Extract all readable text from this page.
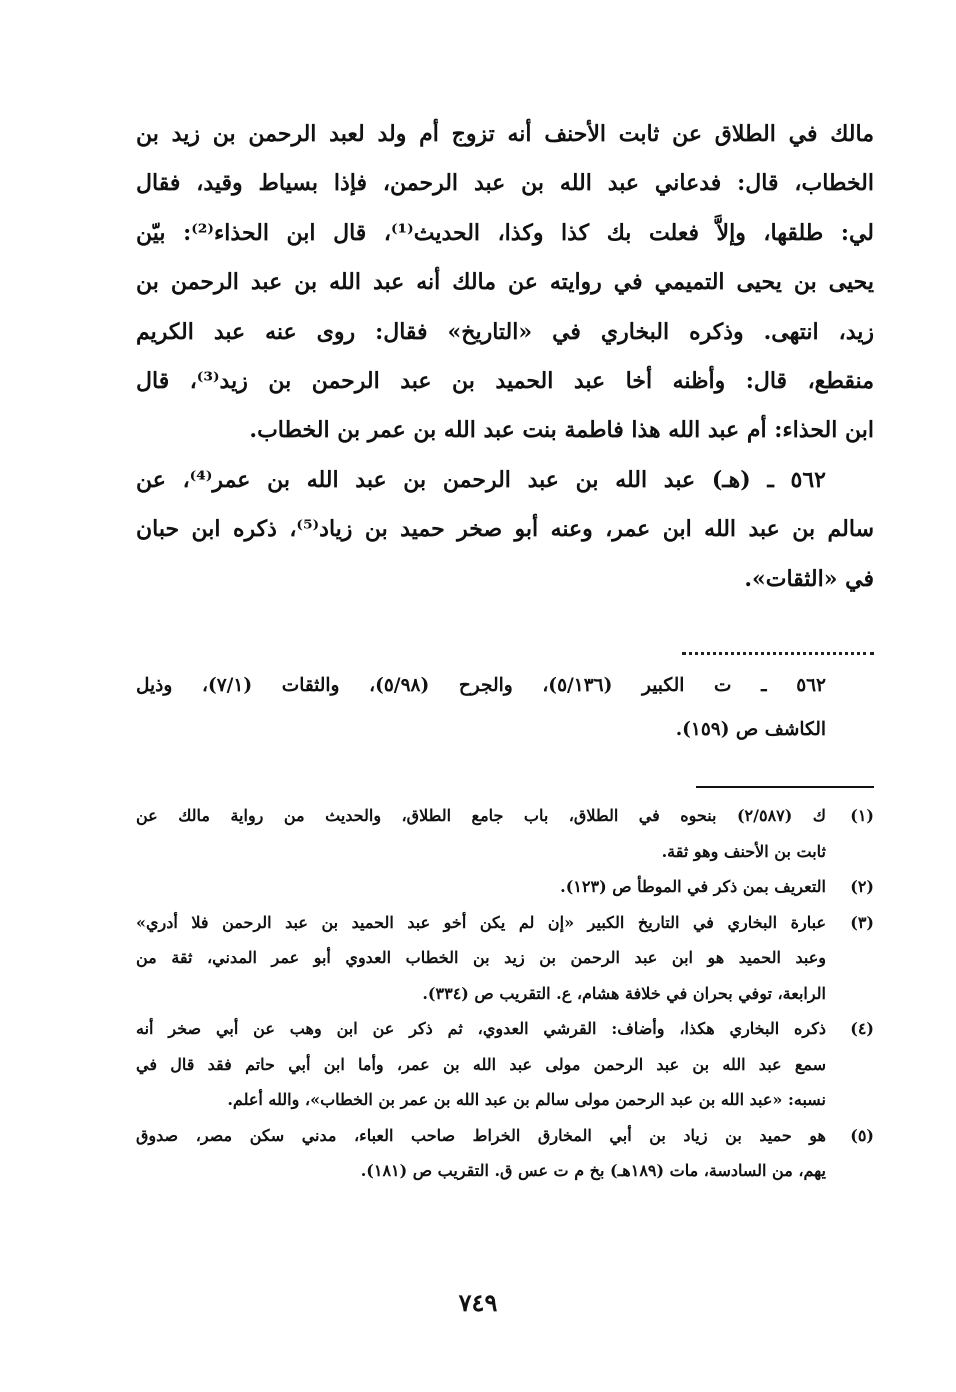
مالك في الطلاق عن ثابت الأحنف أنه تزوج أم ولد لعبد الرحمن بن زيد بن
الخطاب، قال: فدعاني عبد الله بن عبد الرحمن، فإذا بسياط وقيد، فقال
لي: طلقها، وإلاَّ فعلت بك كذا وكذا، الحديث⁽¹⁾، قال ابن الحذاء⁽²⁾: بيّن
يحيى بن يحيى التميمي في روايته عن مالك أنه عبد الله بن عبد الرحمن بن
زيد، انتهى. وذكره البخاري في «التاريخ» فقال: روى عنه عبد الكريم
منقطع، قال: وأظنه أخا عبد الحميد بن عبد الرحمن بن زيد⁽³⁾، قال
ابن الحذاء: أم عبد الله هذا فاطمة بنت عبد الله بن عمر بن الخطاب.
٥٦٢ ـ (هـ) عبد الله بن عبد الرحمن بن عبد الله بن عمر⁽⁴⁾، عن
سالم بن عبد الله ابن عمر، وعنه أبو صخر حميد بن زياد⁽⁵⁾، ذكره ابن حبان
في «الثقات».
٥٦٢ ـ ت الكبير (٥/١٣٦)، والجرح (٥/٩٨)، والثقات (٧/١)، وذيل
الكاشف ص (١٥٩).
(١)
ك (٢/٥٨٧) بنحوه في الطلاق، باب جامع الطلاق، والحديث من رواية مالك عن
ثابت بن الأحنف وهو ثقة.
(٢)
التعريف بمن ذكر في الموطأ ص (١٢٣).
(٣)
عبارة البخاري في التاريخ الكبير «إن لم يكن أخو عبد الحميد بن عبد الرحمن فلا أدري»
وعبد الحميد هو ابن عبد الرحمن بن زيد بن الخطاب العدوي أبو عمر المدني، ثقة من
الرابعة، توفي بحران في خلافة هشام، ع. التقريب ص (٣٣٤).
(٤)
ذكره البخاري هكذا، وأضاف: القرشي العدوي، ثم ذكر عن ابن وهب عن أبي صخر أنه
سمع عبد الله بن عبد الرحمن مولى عبد الله بن عمر، وأما ابن أبي حاتم فقد قال في
نسبه: «عبد الله بن عبد الرحمن مولى سالم بن عبد الله بن عمر بن الخطاب»، والله أعلم.
(٥)
هو حميد بن زياد بن أبي المخارق الخراط صاحب العباء، مدني سكن مصر، صدوق
يهم، من السادسة، مات (١٨٩هـ) بخ م ت عس ق. التقريب ص (١٨١).
٧٤٩
